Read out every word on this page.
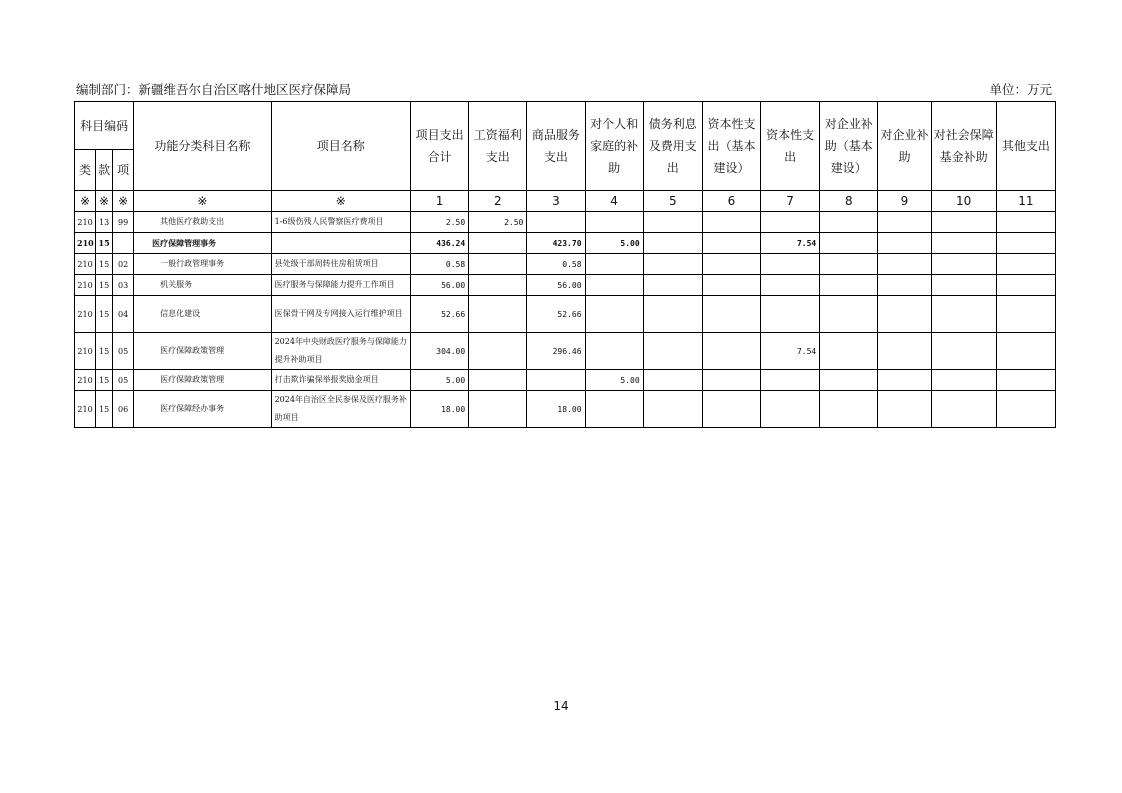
编制部门：新疆维吾尔自治区喀什地区医疗保障局	单位：万元
科目编码			功能分类科目名称	项目名称	项目支出合计	工资福利支出	商品服务支出	对个人和家庭的补助	债务利息及费用支出	资本性支出（基本建设）	资本性支出	对企业补助（基本建设）	对企业补助	对社会保障基金补助	其他支出
类	款	项													
※	※	※	※	※	1	2	3	4	5	6	7	8	9	10	11
210	13	99	其他医疗救助支出	1-6级伤残人民警察医疗费项目	2.50	2.50									
210	15		医疗保障管理事务		436.24		423.70	5.00			7.54				
210	15	02	一般行政管理事务	县处级干部周转住房租赁项目	0.58		0.58								
210	15	03	机关服务	医疗服务与保障能力提升工作项目	56.00		56.00								
210	15	04	信息化建设	医保骨干网及专网接入运行维护项目	52.66		52.66								
210	15	05	医疗保障政策管理	2024年中央财政医疗服务与保障能力提升补助项目	304.00		296.46				7.54				
210	15	05	医疗保障政策管理	打击欺诈骗保举报奖励金项目	5.00			5.00							
210	15	06	医疗保障经办事务	2024年自治区全民参保及医疗服务补助项目	18.00		18.00								
14
